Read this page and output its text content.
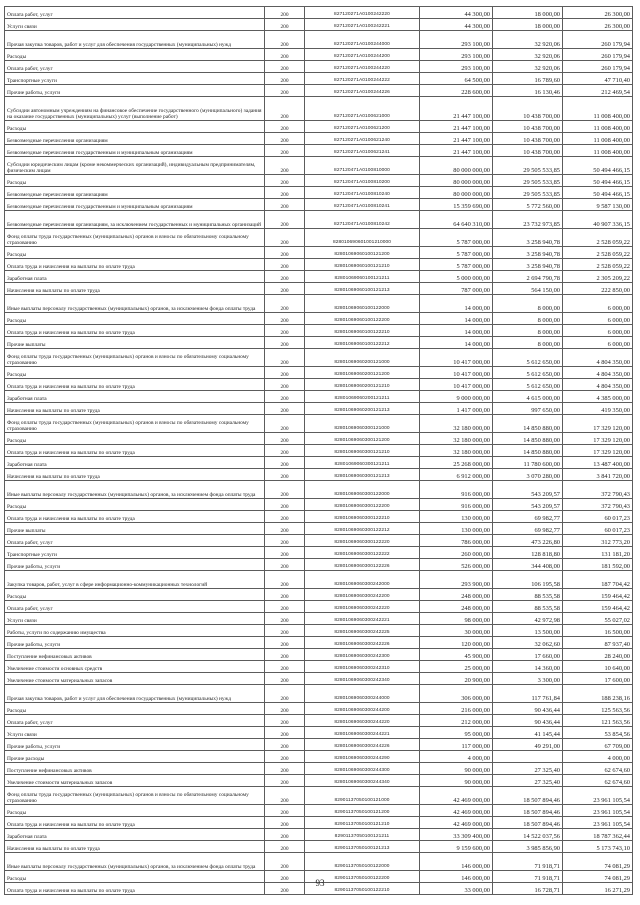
Оплата работ, услуг	200	827120271А0100242220	44 300,00	18 000,00	26 300,00
Услуги связи	200	827120271А0100242221	44 300,00	18 000,00	26 300,00
Прочая закупка товаров, работ и услуг для обеспечения государственных (муниципальных) нужд	200	827120271А0100244000	293 100,00	32 920,06	260 179,94
Расходы	200	827120271А0100244200	293 100,00	32 920,06	260 179,94
Оплата работ, услуг	200	827120271А0100244220	293 100,00	32 920,06	260 179,94
Транспортные услуги	200	827120271А0100244222	64 500,00	16 789,60	47 710,40
Прочие работы, услуги	200	827120271А0100244226	228 600,00	16 130,46	212 469,54
Субсидии автономным учреждениям на финансовое обеспечение государственного (муниципального) задания на оказание государственных (муниципальных) услуг (выполнение работ)	200	827120271А0100621000	21 447 100,00	10 438 700,00	11 008 400,00
Расходы	200	827120271А0100621200	21 447 100,00	10 438 700,00	11 008 400,00
Безвозмездные перечисления организациям	200	827120271А0100621240	21 447 100,00	10 438 700,00	11 008 400,00
Безвозмездные перечисления государственным и муниципальным организациям	200	827120271А0100621241	21 447 100,00	10 438 700,00	11 008 400,00
Субсидии юридическим лицам (кроме некоммерческих организаций), индивидуальным предпринимателям, физическим лицам	200	827120471А0100810000	80 000 000,00	29 505 533,85	50 494 466,15
Расходы	200	827120471А0100810200	80 000 000,00	29 505 533,85	50 494 466,15
Безвозмездные перечисления организациям	200	827120471А0100810240	80 000 000,00	29 505 533,85	50 494 466,15
Безвозмездные перечисления государственным и муниципальным организациям	200	827120471А0100810241	15 359 690,00	5 772 560,00	9 587 130,00
Безвозмездные перечисления организациям, за исключением государственных и муниципальных организаций	200	827120471А0100810242	64 640 310,00	23 732 973,85	40 907 336,15
Фонд оплаты труда государственных (муниципальных) органов и взносы по обязательному социальному страхованию	200	828010690601001210000	5 787 000,00	3 258 940,78	2 528 059,22
Расходы	200	82801069060100121200	5 787 000,00	3 258 940,78	2 528 059,22
Оплата труда и начисления на выплаты по оплате труда	200	82801069060100121210	5 787 000,00	3 258 940,78	2 528 059,22
Заработная плата	200	82801069060100121211	5 000 000,00	2 694 790,78	2 305 209,22
Начисления на выплаты по оплате труда	200	82801069060100121213	787 000,00	564 150,00	222 850,00
Иные выплаты персоналу государственных (муниципальных) органов, за исключением фонда оплаты труда	200	82801069060100122000	14 000,00	8 000,00	6 000,00
Расходы	200	82801069060100122200	14 000,00	8 000,00	6 000,00
Оплата труда и начисления на выплаты по оплате труда	200	82801069060100122210	14 000,00	8 000,00	6 000,00
Прочие выплаты	200	82801069060100122212	14 000,00	8 000,00	6 000,00
Фонд оплаты труда государственных (муниципальных) органов и взносы по обязательному социальному страхованию	200	82801069060200121000	10 417 000,00	5 612 650,00	4 804 350,00
Расходы	200	82801069060200121200	10 417 000,00	5 612 650,00	4 804 350,00
Оплата труда и начисления на выплаты по оплате труда	200	82801069060200121210	10 417 000,00	5 612 650,00	4 804 350,00
Заработная плата	200	82801069060200121211	9 000 000,00	4 615 000,00	4 385 000,00
Начисления на выплаты по оплате труда	200	82801069060200121213	1 417 000,00	997 650,00	419 350,00
Фонд оплаты труда государственных (муниципальных) органов и взносы по обязательному социальному страхованию	200	82801069060300121000	32 180 000,00	14 850 880,00	17 329 120,00
Расходы	200	82801069060300121200	32 180 000,00	14 850 880,00	17 329 120,00
Оплата труда и начисления на выплаты по оплате труда	200	82801069060300121210	32 180 000,00	14 850 880,00	17 329 120,00
Заработная плата	200	82801069060300121211	25 268 000,00	11 780 600,00	13 487 400,00
Начисления на выплаты по оплате труда	200	82801069060300121213	6 912 000,00	3 070 280,00	3 841 720,00
Иные выплаты персоналу государственных (муниципальных) органов, за исключением фонда оплаты труда	200	82801069060300122000	916 000,00	543 209,57	372 790,43
Расходы	200	82801069060300122200	916 000,00	543 209,57	372 790,43
Оплата труда и начисления на выплаты по оплате труда	200	82801069060300122210	130 000,00	69 982,77	60 017,23
Прочие выплаты	200	82801069060300122212	130 000,00	69 982,77	60 017,23
Оплата работ, услуг	200	82801069060300122220	786 000,00	473 226,80	312 773,20
Транспортные услуги	200	82801069060300122222	260 000,00	128 818,80	131 181,20
Прочие работы, услуги	200	82801069060300122226	526 000,00	344 408,00	181 592,00
Закупка товаров, работ, услуг в сфере информационно-коммуникационных технологий	200	82801069060300242000	293 900,00	106 195,58	187 704,42
Расходы	200	82801069060300242200	248 000,00	88 535,58	159 464,42
Оплата работ, услуг	200	82801069060300242220	248 000,00	88 535,58	159 464,42
Услуги связи	200	82801069060300242221	98 000,00	42 972,98	55 027,02
Работы, услуги по содержанию имущества	200	82801069060300242225	30 000,00	13 500,00	16 500,00
Прочие работы, услуги	200	82801069060300242226	120 000,00	32 062,60	87 937,40
Поступление нефинансовых активов	200	82801069060300242300	45 900,00	17 660,00	28 240,00
Увеличение стоимости основных средств	200	82801069060300242310	25 000,00	14 360,00	10 640,00
Увеличение стоимости материальных запасов	200	82801069060300242340	20 900,00	3 300,00	17 600,00
Прочая закупка товаров, работ и услуг для обеспечения государственных (муниципальных) нужд	200	82801069060300244000	306 000,00	117 761,84	188 238,16
Расходы	200	82801069060300244200	216 000,00	90 436,44	125 563,56
Оплата работ, услуг	200	82801069060300244220	212 000,00	90 436,44	121 563,56
Услуги связи	200	82801069060300244221	95 000,00	41 145,44	53 854,56
Прочие работы, услуги	200	82801069060300244226	117 000,00	49 291,00	67 709,00
Прочие расходы	200	82801069060300244290	4 000,00		4 000,00
Поступление нефинансовых активов	200	82801069060300244300	90 000,00	27 325,40	62 674,60
Увеличение стоимости материальных запасов	200	82801069060300244340	90 000,00	27 325,40	62 674,60
Фонд оплаты труда государственных (муниципальных) органов и взносы по обязательному социальному страхованию	200	82901137050100121000	42 469 000,00	18 507 894,46	23 961 105,54
Расходы	200	82901137050100121200	42 469 000,00	18 507 894,46	23 961 105,54
Оплата труда и начисления на выплаты по оплате труда	200	82901137050100121210	42 469 000,00	18 507 894,46	23 961 105,54
Заработная плата	200	82901137050100121211	33 309 400,00	14 522 037,56	18 787 362,44
Начисления на выплаты по оплате труда	200	82901137050100121213	9 159 600,00	3 985 856,90	5 173 743,10
Иные выплаты персоналу государственных (муниципальных) органов, за исключением фонда оплаты труда	200	82901137050100122000	146 000,00	71 918,71	74 081,29
Расходы	200	82901137050100122200	146 000,00	71 918,71	74 081,29
Оплата труда и начисления на выплаты по оплате труда	200	82901137050100122210	33 000,00	16 728,71	16 271,29
93
